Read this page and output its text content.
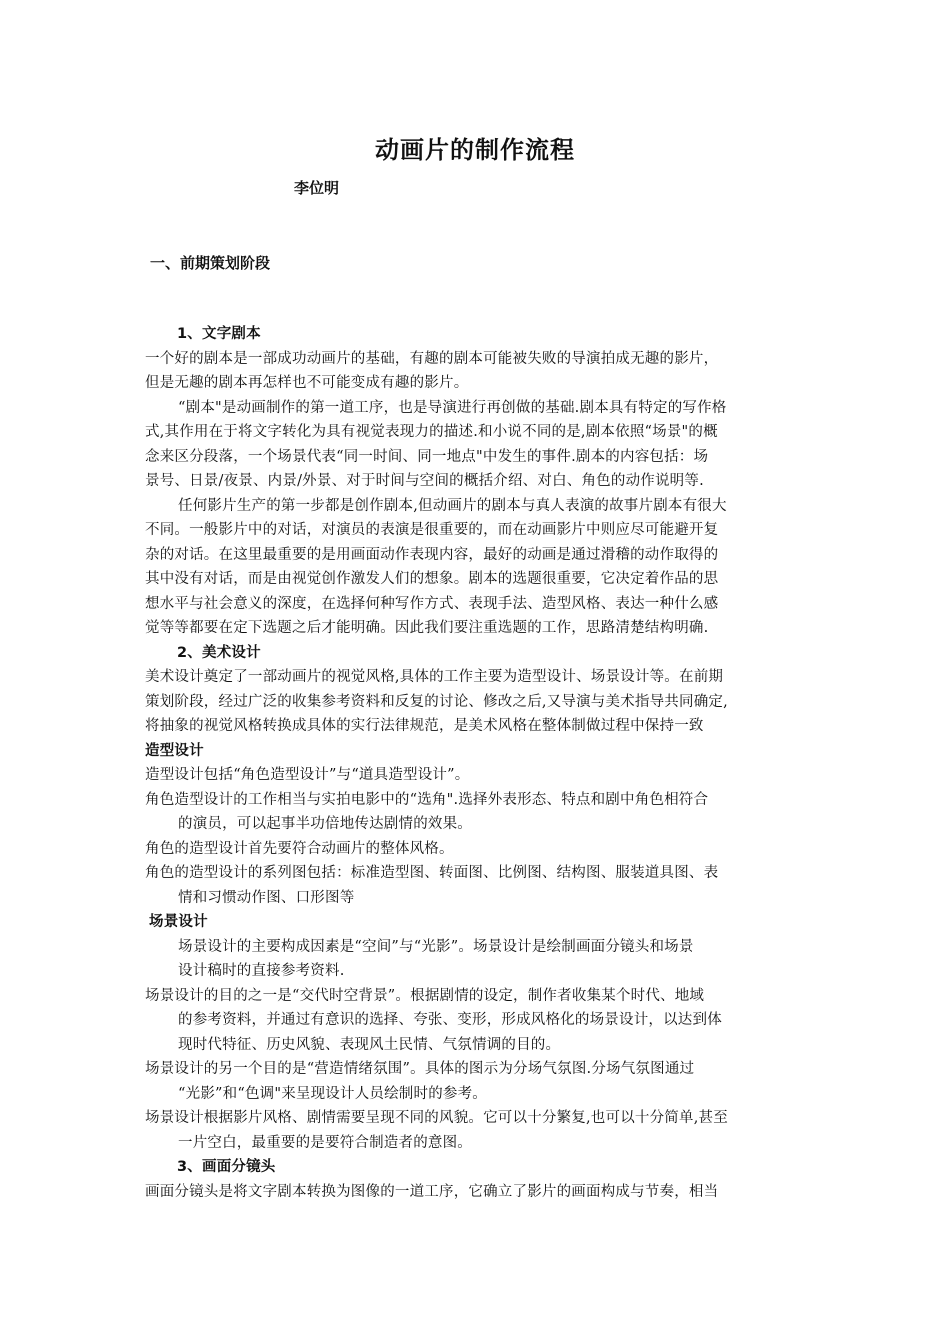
动画片的制作流程
李位明
一、前期策划阶段
1、文字剧本
一个好的剧本是一部成功动画片的基础，有趣的剧本可能被失败的导演拍成无趣的影片，
但是无趣的剧本再怎样也不可能变成有趣的影片。
“剧本"是动画制作的第一道工序，也是导演进行再创做的基础.剧本具有特定的写作格
式,其作用在于将文字转化为具有视觉表现力的描述.和小说不同的是,剧本依照“场景"的概
念来区分段落，一个场景代表“同一时间、同一地点"中发生的事件.剧本的内容包括：场
景号、日景/夜景、内景/外景、对于时间与空间的概括介绍、对白、角色的动作说明等.
任何影片生产的第一步都是创作剧本,但动画片的剧本与真人表演的故事片剧本有很大
不同。一般影片中的对话，对演员的表演是很重要的，而在动画影片中则应尽可能避开复
杂的对话。在这里最重要的是用画面动作表现内容，最好的动画是通过滑稽的动作取得的
其中没有对话，而是由视觉创作激发人们的想象。剧本的选题很重要，它决定着作品的思
想水平与社会意义的深度，在选择何种写作方式、表现手法、造型风格、表达一种什么感
觉等等都要在定下选题之后才能明确。因此我们要注重选题的工作，思路清楚结构明确.
2、美术设计
美术设计奠定了一部动画片的视觉风格,具体的工作主要为造型设计、场景设计等。在前期
策划阶段，经过广泛的收集参考资料和反复的讨论、修改之后,又导演与美术指导共同确定,
将抽象的视觉风格转换成具体的实行法律规范，是美术风格在整体制做过程中保持一致
造型设计
造型设计包括“角色造型设计”与“道具造型设计”。
角色造型设计的工作相当与实拍电影中的“选角".选择外表形态、特点和剧中角色相符合
的演员，可以起事半功倍地传达剧情的效果。
角色的造型设计首先要符合动画片的整体风格。
角色的造型设计的系列图包括：标准造型图、转面图、比例图、结构图、服装道具图、表
情和习惯动作图、口形图等
场景设计
场景设计的主要构成因素是“空间”与“光影”。场景设计是绘制画面分镜头和场景
设计稿时的直接参考资料.
场景设计的目的之一是“交代时空背景”。根据剧情的设定，制作者收集某个时代、地域
的参考资料，并通过有意识的选择、夸张、变形，形成风格化的场景设计，以达到体
现时代特征、历史风貌、表现风土民情、气氛情调的目的。
场景设计的另一个目的是“营造情绪氛围”。具体的图示为分场气氛图.分场气氛图通过
“光影”和“色调"来呈现设计人员绘制时的参考。
场景设计根据影片风格、剧情需要呈现不同的风貌。它可以十分繁复,也可以十分简单,甚至
一片空白，最重要的是要符合制造者的意图。
3、画面分镜头
画面分镜头是将文字剧本转换为图像的一道工序，它确立了影片的画面构成与节奏，相当
